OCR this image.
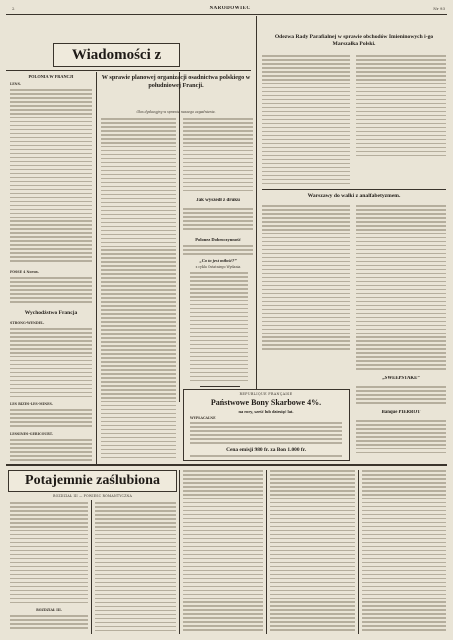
2	NARODOWIEC	Nr 93
Wiadomości z
POLONIA W FRANCJI
LENS.
FOSSE 4 Noeux.
Wychodźstwo Francja
STRONG-WENDEL.
LES BIZES-LES-MINES.
LESSINES-GERICOURT.
W sprawie planowej organizacji osadnictwa polskiego w południowej Francji.
Głos dyskusyjny w sprawie naszego zagadnienia.
Jak wyszedł z druku
Polonez Dobroczynność
„Co to jest miłość?”
z cyklu Ostatniego Wydania
Odezwa Rady Parafialnej w sprawie obchodów Imieninowych i-go Marszałka Polski.
Warszawy do walki z analfabetyzmem.
„SWEEPSTAKE”
Banque PIERROT
REPUBLIQUE FRANÇAISE
Państwowe Bony Skarbowe 4%.
na rory, sześć lub dziesięć lat.
WYPŁACALNE
Cena emisji 980 fr. za Bon 1.000 fr.
Potajemnie zaślubiona
ROZDZIAŁ III — POWIEŚĆ ROMANTYCZNA
ROZDZIAŁ III.
